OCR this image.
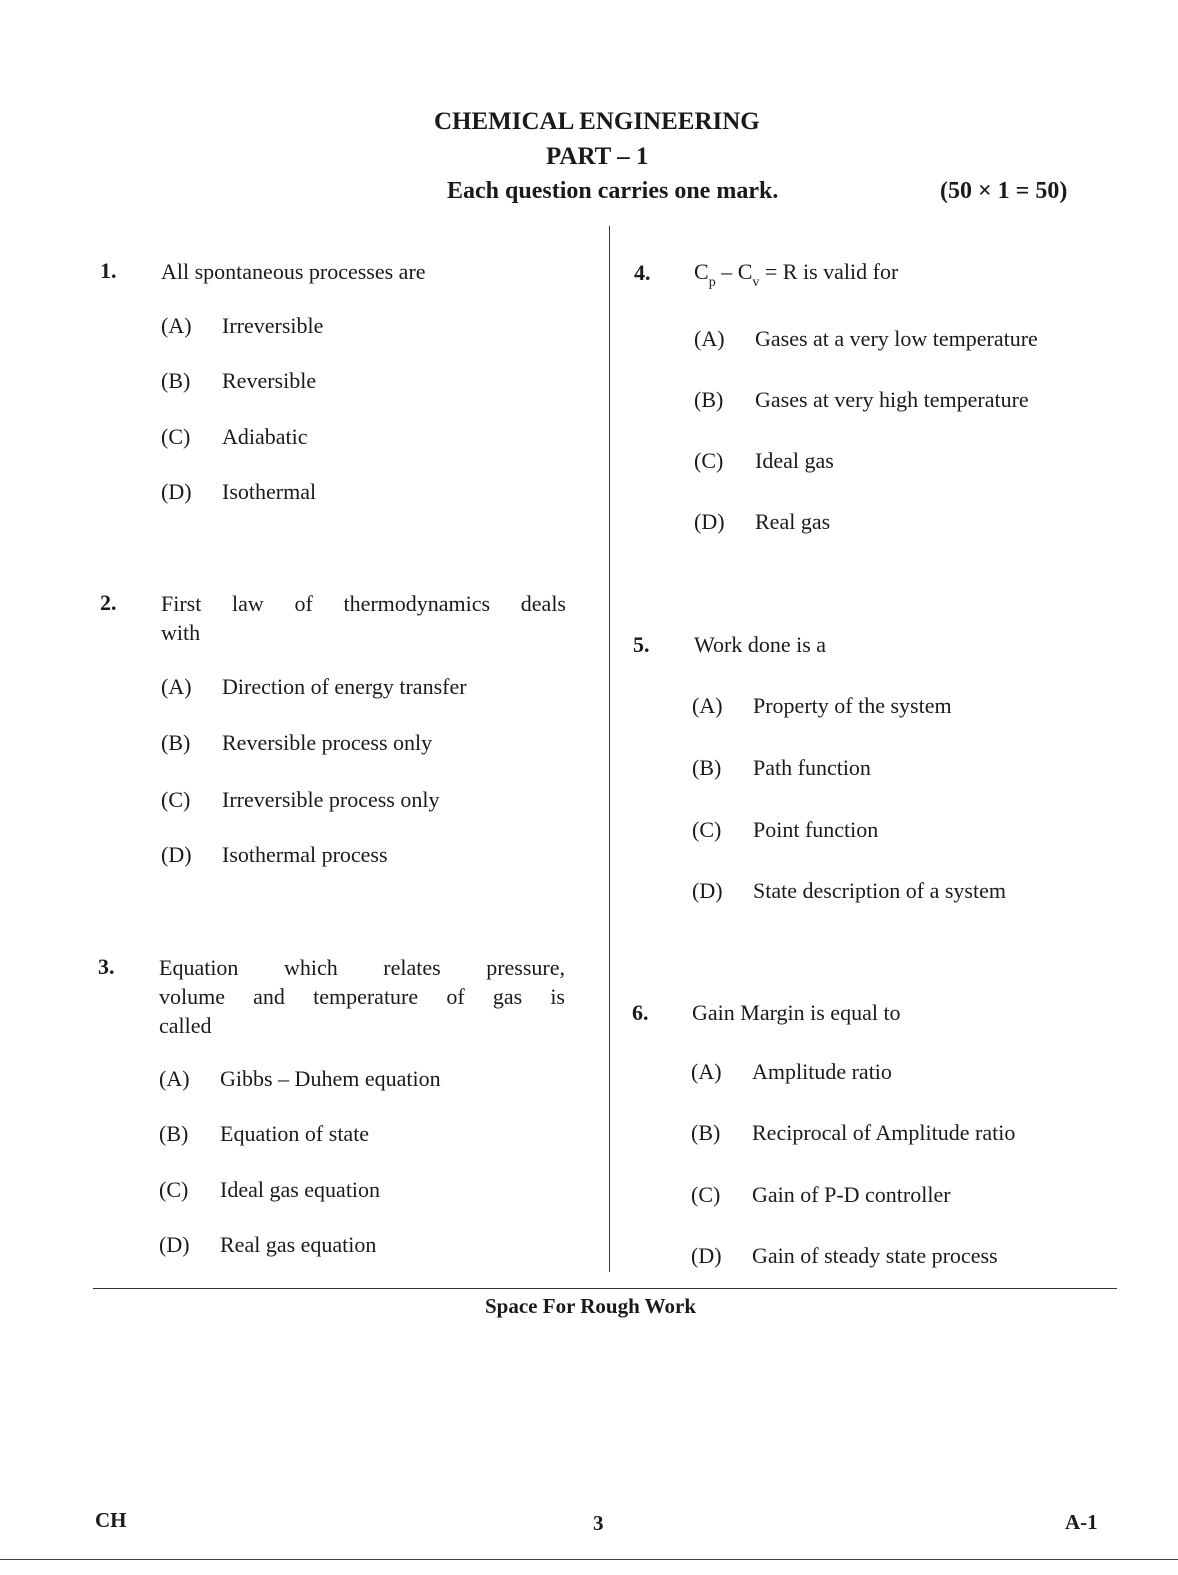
CHEMICAL ENGINEERING
PART – 1
Each question carries one mark.	(50 × 1 = 50)
1. All spontaneous processes are
(A) Irreversible
(B) Reversible
(C) Adiabatic
(D) Isothermal
2. First law of thermodynamics deals
with
(A) Direction of energy transfer
(B) Reversible process only
(C) Irreversible process only
(D) Isothermal process
3. Equation which relates pressure,
volume and temperature of gas is
called
(A) Gibbs – Duhem equation
(B) Equation of state
(C) Ideal gas equation
(D) Real gas equation
4. $C_p - C_v = R$ is valid for
(A) Gases at a very low temperature
(B) Gases at very high temperature
(C) Ideal gas
(D) Real gas
5. Work done is a
(A) Property of the system
(B) Path function
(C) Point function
(D) State description of a system
6. Gain Margin is equal to
(A) Amplitude ratio
(B) Reciprocal of Amplitude ratio
(C) Gain of P-D controller
(D) Gain of steady state process
Space For Rough Work
CH	3	A-1
